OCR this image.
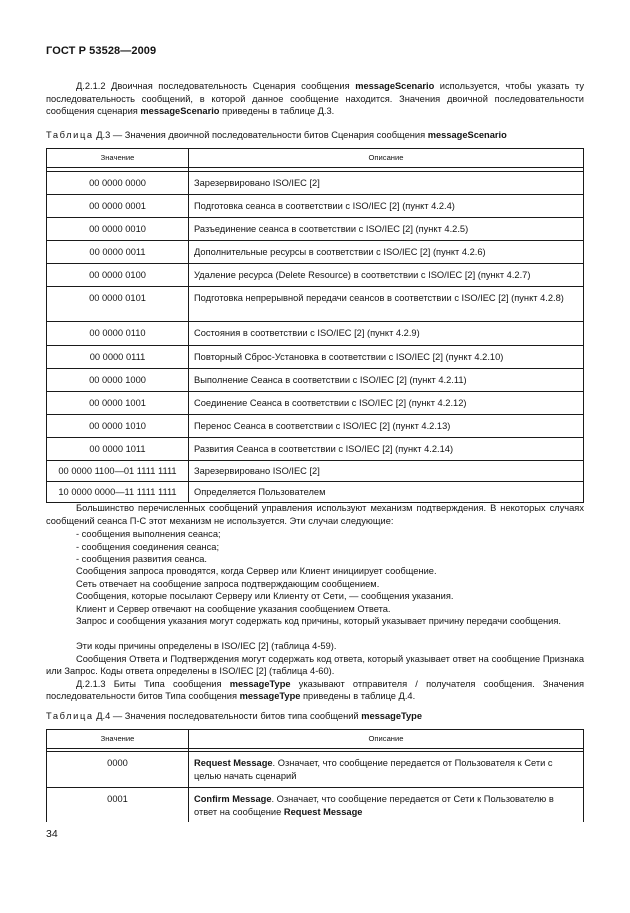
ГОСТ Р 53528—2009
Д.2.1.2 Двоичная последовательность Сценария сообщения messageScenario используется, чтобы указать ту последовательность сообщений, в которой данное сообщение находится. Значения двоичной последовательности сообщения сценария messageScenario приведены в таблице Д.3.
Таблица Д.3 — Значения двоичной последовательности битов Сценария сообщения messageScenario
Значение	Описание

00 0000 0000	Зарезервировано ISO/IEC [2]
00 0000 0001	Подготовка сеанса в соответствии с ISO/IEC [2] (пункт 4.2.4)
00 0000 0010	Разъединение сеанса в соответствии с ISO/IEC [2] (пункт 4.2.5)
00 0000 0011	Дополнительные ресурсы в соответствии с ISO/IEC [2] (пункт 4.2.6)
00 0000 0100	Удаление ресурса (Delete Resource) в соответствии с ISO/IEC [2] (пункт 4.2.7)
00 0000 0101	Подготовка непрерывной передачи сеансов в соответствии с ISO/IEC [2] (пункт 4.2.8)
00 0000 0110	Состояния в соответствии с ISO/IEC [2] (пункт 4.2.9)
00 0000 0111	Повторный Сброс-Установка в соответствии с ISO/IEC [2] (пункт 4.2.10)
00 0000 1000	Выполнение Сеанса в соответствии с ISO/IEC [2] (пункт 4.2.11)
00 0000 1001	Соединение Сеанса в соответствии с ISO/IEC [2] (пункт 4.2.12)
00 0000 1010	Перенос Сеанса в соответствии с ISO/IEC [2] (пункт 4.2.13)
00 0000 1011	Развития Сеанса в соответствии с ISO/IEC [2] (пункт 4.2.14)
00 0000 1100—01 1111 1111	Зарезервировано ISO/IEC [2]
10 0000 0000—11 1111 1111	Определяется Пользователем
Большинство перечисленных сообщений управления используют механизм подтверждения. В некоторых случаях сообщений сеанса П-С этот механизм не используется. Эти случаи следующие:
- сообщения выполнения сеанса;
- сообщения соединения сеанса;
- сообщения развития сеанса.
Сообщения запроса проводятся, когда Сервер или Клиент инициирует сообщение.
Сеть отвечает на сообщение запроса подтверждающим сообщением.
Сообщения, которые посылают Серверу или Клиенту от Сети, — сообщения указания.
Клиент и Сервер отвечают на сообщение указания сообщением Ответа.
Запрос и сообщения указания могут содержать код причины, который указывает причину передачи сообщения.
Эти коды причины определены в ISO/IEC [2] (таблица 4-59).
Сообщения Ответа и Подтверждения могут содержать код ответа, который указывает ответ на сообщение Признака или Запрос. Коды ответа определены в ISO/IEC [2] (таблица 4-60).
Д.2.1.3 Биты Типа сообщения messageType указывают отправителя / получателя сообщения. Значения последовательности битов Типа сообщения messageType приведены в таблице Д.4.
Таблица Д.4 — Значения последовательности битов типа сообщений messageType
Значение	Описание

0000	Request Message. Означает, что сообщение передается от Пользователя к Сети с целью начать сценарий
0001	Confirm Message. Означает, что сообщение передается от Сети к Пользователю в ответ на сообщение Request Message
34
